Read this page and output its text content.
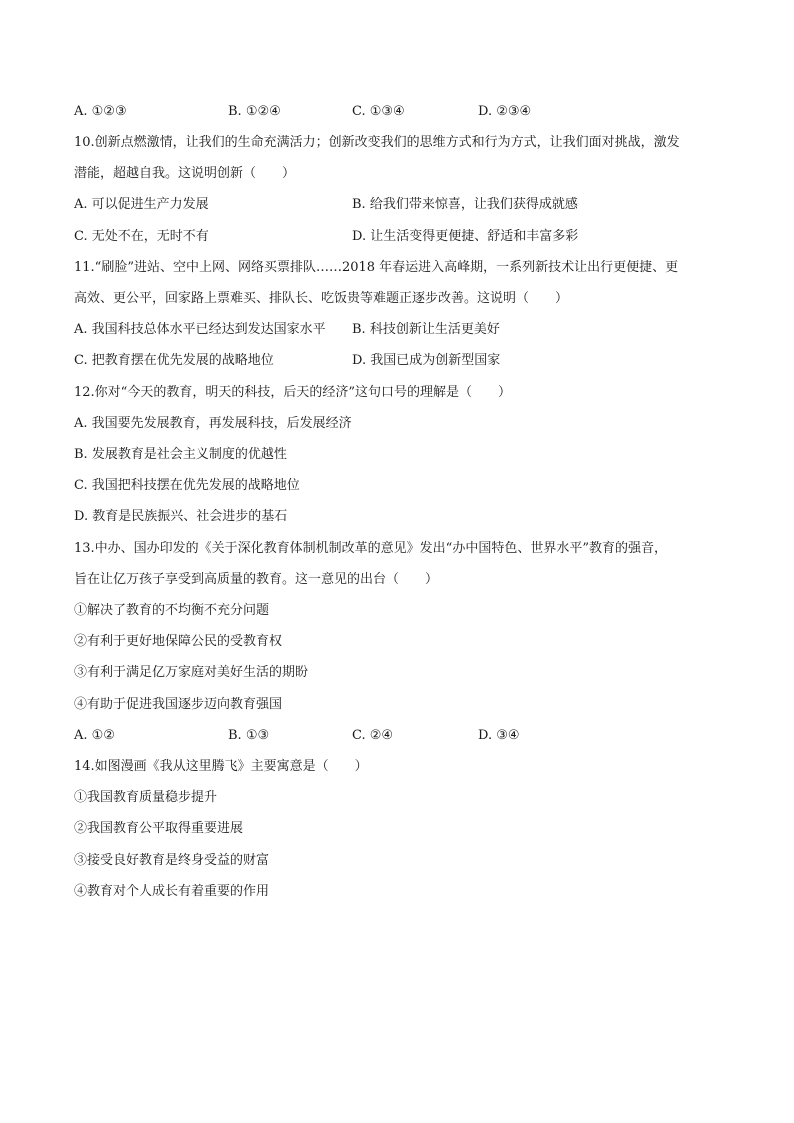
A. ①②③	B. ①②④	C. ①③④	D. ②③④
10.创新点燃激情，让我们的生命充满活力；创新改变我们的思维方式和行为方式，让我们面对挑战，激发
潜能，超越自我。这说明创新（　　）
A. 可以促进生产力发展	B. 给我们带来惊喜，让我们获得成就感
C. 无处不在，无时不有	D. 让生活变得更便捷、舒适和丰富多彩
11.“刷脸”进站、空中上网、网络买票排队……2018 年春运进入高峰期，一系列新技术让出行更便捷、更
高效、更公平，回家路上票难买、排队长、吃饭贵等难题正逐步改善。这说明（　　）
A. 我国科技总体水平已经达到发达国家水平 B. 科技创新让生活更美好
C. 把教育摆在优先发展的战略地位	D. 我国已成为创新型国家
12.你对“今天的教育，明天的科技，后天的经济”这句口号的理解是（　　）
A. 我国要先发展教育，再发展科技，后发展经济
B. 发展教育是社会主义制度的优越性
C. 我国把科技摆在优先发展的战略地位
D. 教育是民族振兴、社会进步的基石
13.中办、国办印发的《关于深化教育体制机制改革的意见》发出“办中国特色、世界水平”教育的强音，
旨在让亿万孩子享受到高质量的教育。这一意见的出台（　　）
①解决了教育的不均衡不充分问题
②有利于更好地保障公民的受教育权
③有利于满足亿万家庭对美好生活的期盼
④有助于促进我国逐步迈向教育强国
A. ①②	B. ①③	C. ②④	D. ③④
14.如图漫画《我从这里腾飞》主要寓意是（　　）
①我国教育质量稳步提升
②我国教育公平取得重要进展
③接受良好教育是终身受益的财富
④教育对个人成长有着重要的作用
